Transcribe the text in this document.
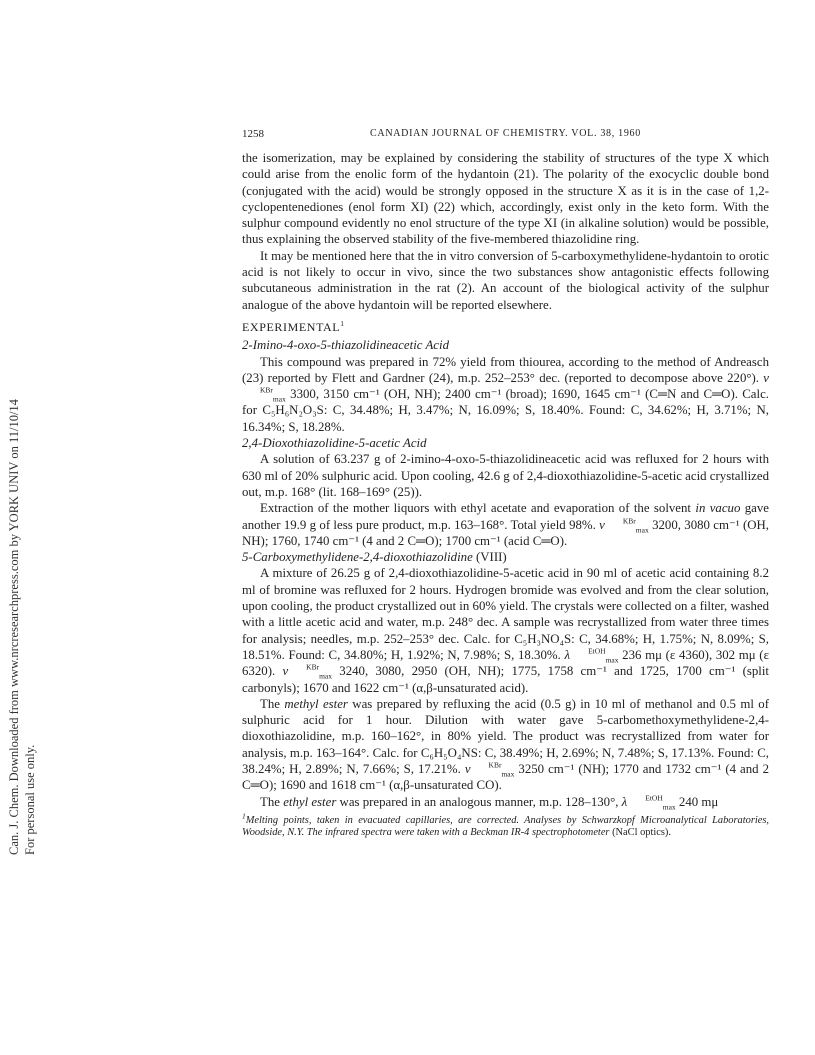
Can. J. Chem. Downloaded from www.nrcresearchpress.com by YORK UNIV on 11/10/14 For personal use only.
1258	CANADIAN JOURNAL OF CHEMISTRY. VOL. 38, 1960

the isomerization, may be explained by considering the stability of structures of the type X which could arise from the enolic form of the hydantoin (21). The polarity of the exocyclic double bond (conjugated with the acid) would be strongly opposed in the structure X as it is in the case of 1,2-cyclopentenediones (enol form XI) (22) which, accordingly, exist only in the keto form. With the sulphur compound evidently no enol structure of the type XI (in alkaline solution) would be possible, thus explaining the observed stability of the five-membered thiazolidine ring.

It may be mentioned here that the in vitro conversion of 5-carboxymethylidene-hydantoin to orotic acid is not likely to occur in vivo, since the two substances show antagonistic effects following subcutaneous administration in the rat (2). An account of the biological activity of the sulphur analogue of the above hydantoin will be reported elsewhere.

EXPERIMENTAL$^1$

2-Imino-4-oxo-5-thiazolidineacetic Acid

This compound was prepared in 72% yield from thiourea, according to the method of Andreasch (23) reported by Flett and Gardner (24), m.p. 252–253° dec. (reported to decompose above 220°). $\nu^{KBr}_{max}$ 3300, 3150 cm⁻¹ (OH, NH); 2400 cm⁻¹ (broad); 1690, 1645 cm⁻¹ (C═N and C═O). Calc. for C₅H₆N₂O₃S: C, 34.48%; H, 3.47%; N, 16.09%; S, 18.40%. Found: C, 34.62%; H, 3.71%; N, 16.34%; S, 18.28%.

2,4-Dioxothiazolidine-5-acetic Acid

A solution of 63.237 g of 2-imino-4-oxo-5-thiazolidineacetic acid was refluxed for 2 hours with 630 ml of 20% sulphuric acid. Upon cooling, 42.6 g of 2,4-dioxothiazolidine-5-acetic acid crystallized out, m.p. 168° (lit. 168–169° (25)).

Extraction of the mother liquors with ethyl acetate and evaporation of the solvent in vacuo gave another 19.9 g of less pure product, m.p. 163–168°. Total yield 98%. ν $^{KBr}_{max}$ 3200, 3080 cm⁻¹ (OH, NH); 1760, 1740 cm⁻¹ (4 and 2 C═O); 1700 cm⁻¹ (acid C═O).

5-Carboxymethylidene-2,4-dioxothiazolidine (VIII)

A mixture of 26.25 g of 2,4-dioxothiazolidine-5-acetic acid in 90 ml of acetic acid containing 8.2 ml of bromine was refluxed for 2 hours. Hydrogen bromide was evolved and from the clear solution, upon cooling, the product crystallized out in 60% yield. The crystals were collected on a filter, washed with a little acetic acid and water, m.p. 248° dec. A sample was recrystallized from water three times for analysis; needles, m.p. 252–253° dec. Calc. for C₅H₃NO₄S: C, 34.68%; H, 1.75%; N, 8.09%; S, 18.51%. Found: C, 34.80%; H, 1.92%; N, 7.98%; S, 18.30%. λ $^{EtOH}_{max}$ 236 mμ (ε 4360), 302 mμ (ε 6320). ν $^{KBr}_{max}$ 3240, 3080, 2950 (OH, NH); 1775, 1758 cm⁻¹ and 1725, 1700 cm⁻¹ (split carbonyls); 1670 and 1622 cm⁻¹ (α,β-unsaturated acid).

The methyl ester was prepared by refluxing the acid (0.5 g) in 10 ml of methanol and 0.5 ml of sulphuric acid for 1 hour. Dilution with water gave 5-carbomethoxymethylidene-2,4-dioxothiazolidine, m.p. 160–162°, in 80% yield. The product was recrystallized from water for analysis, m.p. 163–164°. Calc. for C₆H₅O₄NS: C, 38.49%; H, 2.69%; N, 7.48%; S, 17.13%. Found: C, 38.24%; H, 2.89%; N, 7.66%; S, 17.21%. ν $^{KBr}_{max}$ 3250 cm⁻¹ (NH); 1770 and 1732 cm⁻¹ (4 and 2 C═O); 1690 and 1618 cm⁻¹ (α,β-unsaturated CO).

The ethyl ester was prepared in an analogous manner, m.p. 128–130°, λ $^{EtOH}_{max}$ 240 mμ

$^1$Melting points, taken in evacuated capillaries, are corrected. Analyses by Schwarzkopf Microanalytical Laboratories, Woodside, N.Y. The infrared spectra were taken with a Beckman IR-4 spectrophotometer (NaCl optics).
